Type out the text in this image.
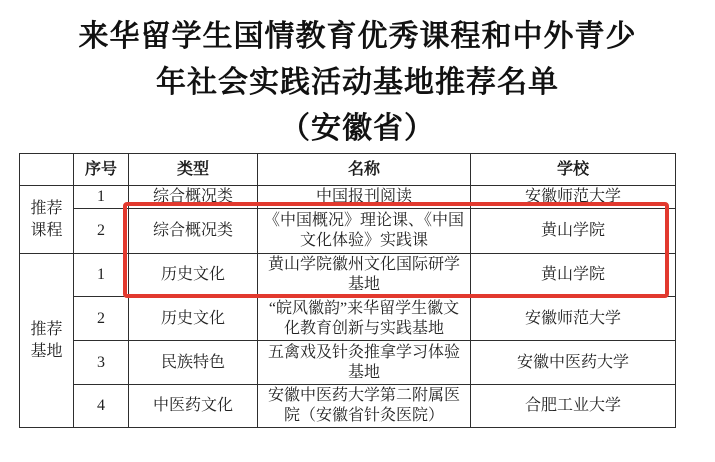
来华留学生国情教育优秀课程和中外青少
年社会实践活动基地推荐名单
（安徽省）
	序号	类型	名称	学校

推荐课程	1	综合概况类	中国报刊阅读	安徽师范大学
	2	综合概况类	《中国概况》理论课、《中国文化体验》实践课	黄山学院

推荐基地	1	历史文化	黄山学院徽州文化国际研学基地	黄山学院
	2	历史文化	“皖风徽韵”来华留学生徽文化教育创新与实践基地	安徽师范大学
	3	民族特色	五禽戏及针灸推拿学习体验基地	安徽中医药大学
	4	中医药文化	安徽中医药大学第二附属医院（安徽省针灸医院）	合肥工业大学
